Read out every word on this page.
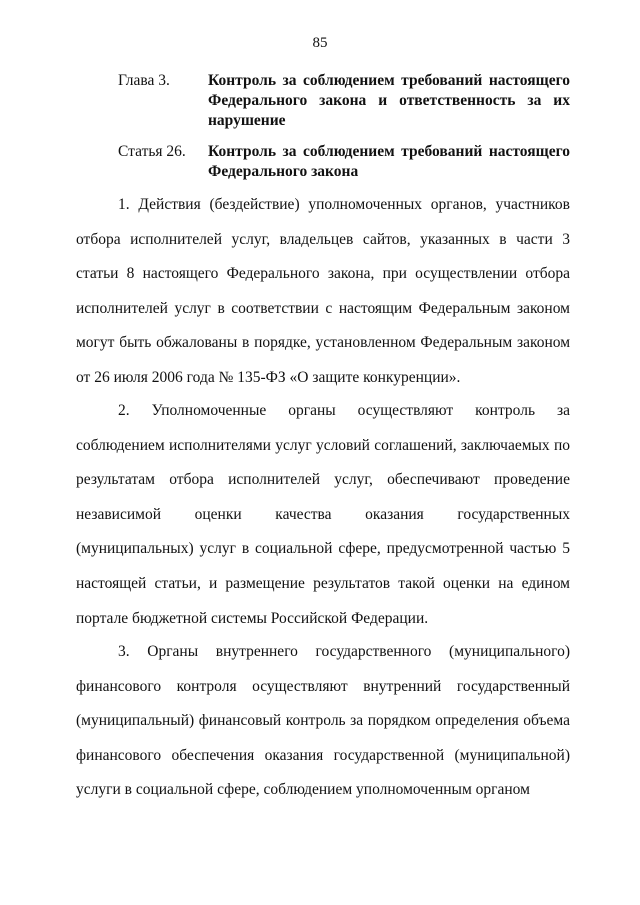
85
Глава 3.	Контроль за соблюдением требований настоящего Федерального закона и ответственность за их нарушение
Статья 26.	Контроль за соблюдением требований настоящего Федерального закона

1. Действия (бездействие) уполномоченных органов, участников отбора исполнителей услуг, владельцев сайтов, указанных в части 3 статьи 8 настоящего Федерального закона, при осуществлении отбора исполнителей услуг в соответствии с настоящим Федеральным законом могут быть обжалованы в порядке, установленном Федеральным законом от 26 июля 2006 года № 135-ФЗ «О защите конкуренции».

2. Уполномоченные органы осуществляют контроль за соблюдением исполнителями услуг условий соглашений, заключаемых по результатам отбора исполнителей услуг, обеспечивают проведение независимой оценки качества оказания государственных (муниципальных) услуг в социальной сфере, предусмотренной частью 5 настоящей статьи, и размещение результатов такой оценки на едином портале бюджетной системы Российской Федерации.

3. Органы внутреннего государственного (муниципального) финансового контроля осуществляют внутренний государственный (муниципальный) финансовый контроль за порядком определения объема финансового обеспечения оказания государственной (муниципальной) услуги в социальной сфере, соблюдением уполномоченным органом
